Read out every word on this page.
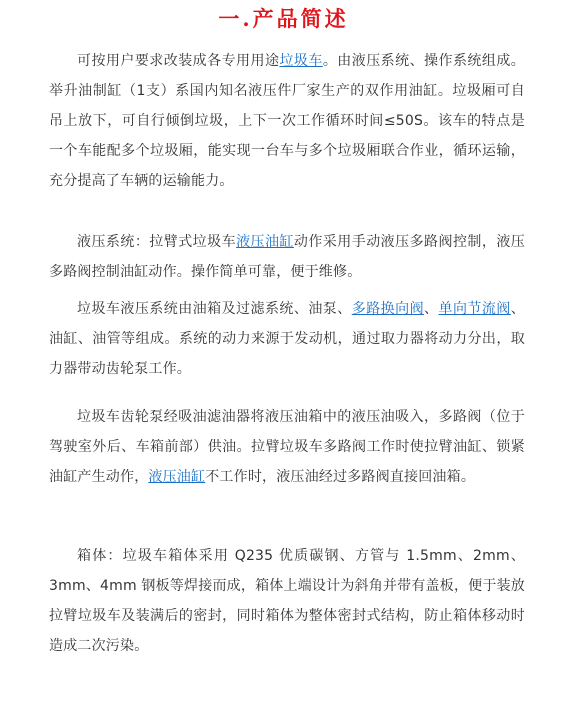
一.产品简述

可按用户要求改装成各专用用途垃圾车。由液压系统、操作系统组成。举升油制缸（1支）系国内知名液压件厂家生产的双作用油缸。垃圾厢可自吊上放下，可自行倾倒垃圾，上下一次工作循环时间≤50S。该车的特点是一个车能配多个垃圾厢，能实现一台车与多个垃圾厢联合作业，循环运输，充分提高了车辆的运输能力。

液压系统：拉臂式垃圾车液压油缸动作采用手动液压多路阀控制，液压多路阀控制油缸动作。操作简单可靠，便于维修。

垃圾车液压系统由油箱及过滤系统、油泵、多路换向阀、单向节流阀、油缸、油管等组成。系统的动力来源于发动机，通过取力器将动力分出，取力器带动齿轮泵工作。

垃圾车齿轮泵经吸油滤油器将液压油箱中的液压油吸入，多路阀（位于驾驶室外后、车箱前部）供油。拉臂垃圾车多路阀工作时使拉臂油缸、锁紧油缸产生动作，液压油缸不工作时，液压油经过多路阀直接回油箱。

箱体：垃圾车箱体采用 Q235 优质碳钢、方管与 1.5mm、2mm、3mm、4mm 钢板等焊接而成，箱体上端设计为斜角并带有盖板，便于装放拉臂垃圾车及装满后的密封，同时箱体为整体密封式结构，防止箱体移动时造成二次污染。
